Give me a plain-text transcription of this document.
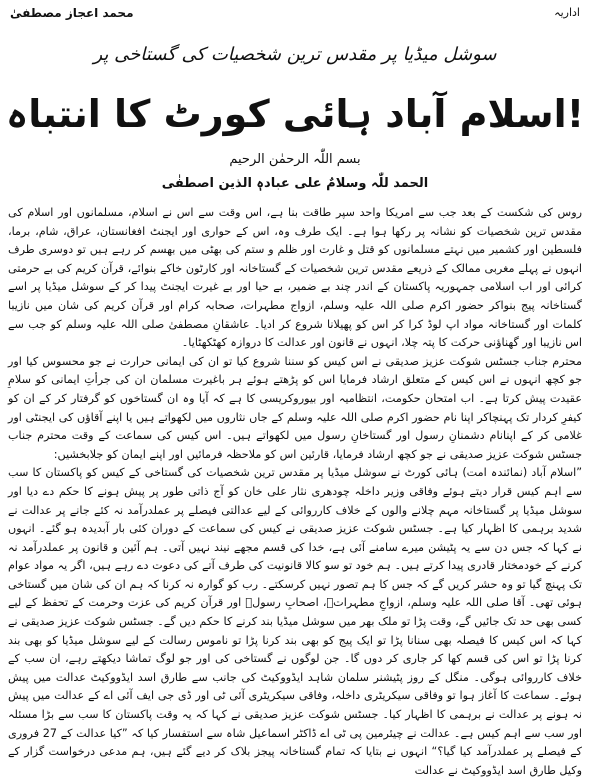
محمد اعجاز مصطفیٰ	اداریہ
سوشل میڈیا پر مقدس ترین شخصیات کی گستاخی پر
اسلام آباد ہائی کورٹ کا انتباہ!
بسم اللّٰہ الرحمٰن الرحیم
الحمد للّٰہ وسلامٌ علی عبادہٖ الذین اصطفٰی

روس کی شکست کے بعد جب سے امریکا واحد سپر طاقت بنا ہے، اس وقت سے اس نے اسلام، مسلمانوں اور اسلام کی مقدس ترین شخصیات کو نشانہ پر رکھا ہوا ہے۔ ایک طرف وہ، اس کے حواری اور ایجنٹ افغانستان، عراق، شام، برما، فلسطین اور کشمیر میں نہتے مسلمانوں کو قتل و غارت اور ظلم و ستم کی بھٹی میں بھسم کر رہے ہیں تو دوسری طرف انہوں نے پہلے مغربی ممالک کے ذریعے مقدس ترین شخصیات کے گستاخانہ اور کارٹون خاکے بنوائے، قرآن کریم کی بے حرمتی کرائی اور اب اسلامی جمہوریہ پاکستان کے اندر چند بے ضمیر، بے حیا اور بے غیرت ایجنٹ پیدا کر کے سوشل میڈیا پر اسے گستاخانہ پیج بنواکر حضور اکرم صلی اللہ علیہ وسلم، ازواج مطہرات، صحابہ کرام اور قرآن کریم کی شان میں نازیبا کلمات اور گستاخانہ مواد اپ لوڈ کرا کر اس کو پھیلانا شروع کر ادیا۔ عاشقانِ مصطفیٰ صلی اللہ علیہ وسلم کو جب سے اس نازیبا اور گھناؤنی حرکت کا پتہ چلا، انہوں نے قانون اور عدالت کا دروازہ کھٹکھٹایا۔

محترم جناب جسٹس شوکت عزیز صدیقی نے اس کیس کو سننا شروع کیا تو ان کی ایمانی حرارت نے جو محسوس کیا اور جو کچھ انہوں نے اس کیس کے متعلق ارشاد فرمایا اس کو پڑھتے ہوئے ہر باغیرت مسلمان ان کی جرأتِ ایمانی کو سلامِ عقیدت پیش کرتا ہے۔ اب امتحان حکومت، انتظامیہ اور بیوروکریسی کا ہے کہ آیا وہ ان گستاخوں کو گرفتار کر کے ان کو کیفرِ کردار تک پہنچاکر اپنا نام حضور اکرم صلی اللہ علیہ وسلم کے جاں نثاروں میں لکھواتے ہیں یا اپنے آقاؤں کی ایجنٹی اور غلامی کر کے اپنانام دشمنانِ رسول اور گستاخانِ رسول میں لکھواتے ہیں۔ اس کیس کی سماعت کے وقت محترم جناب جسٹس شوکت عزیز صدیقی نے جو کچھ ارشاد فرمایا، قارئین اس کو ملاحظہ فرمائیں اور اپنے ایمان کو جلابخشیں:

”اسلام آباد (نمائندہ امت) ہائی کورٹ نے سوشل میڈیا پر مقدس ترین شخصیات کی گستاخی کے کیس کو پاکستان کا سب سے اہم کیس قرار دیتے ہوئے وفاقی وزیر داخلہ چودھری نثار علی خان کو آج ذاتی طور پر پیش ہونے کا حکم دے دیا اور سوشل میڈیا پر گستاخانہ مہم چلانے والوں کے خلاف کارروائی کے لیے عدالتی فیصلے پر عملدرآمد نہ کئے جانے پر عدالت نے شدید برہمی کا اظہار کیا ہے۔ جسٹس شوکت عزیز صدیقی نے کیس کی سماعت کے دوران کئی بار آبدیدہ ہو گئے۔ انہوں نے کہا کہ جس دن سے یہ پٹیشن میرے سامنے آئی ہے، خدا کی قسم مجھے نیند نہیں آتی۔ ہم آئین و قانون پر عملدرآمد نہ کرنے کے خودمختار قادری پیدا کرتے ہیں۔ ہم خود تو سو کالا قانونیت کی طرف آتے کی دعوت دے رہے ہیں، اگر یہ مواد عوام تک پہنچ گیا تو وہ حشر کریں گے کہ جس کا ہم تصور نہیں کرسکتے۔ رب کو گوارہ نہ کرنا کہ ہم ان کی شان میں گستاخی ہوئی تھی۔ آقا صلی اللہ علیہ وسلم، ازواجِ مطہراتؓ، اصحابِ رسولؓ اور قرآن کریم کی عزت وحرمت کے تحفظ کے لیے کسی بھی حد تک جائیں گے، وقت پڑا تو ملک بھر میں سوشل میڈیا بند کرنے کا حکم دیں گے۔ جسٹس شوکت عزیز صدیقی نے کہا کہ اس کیس کا فیصلہ بھی سنانا پڑا تو ایک پیج کو بھی بند کرنا پڑا تو ناموس رسالت کے لیے سوشل میڈیا کو بھی بند کرنا پڑا تو اس کی قسم کھا کر جاری کر دوں گا۔ جن لوگوں نے گستاخی کی اور جو لوگ تماشا دیکھتے رہے، ان سب کے خلاف کارروائی ہوگی۔ منگل کے روز پٹیشنر سلمان شاہد ایڈووکیٹ کی جانب سے طارق اسد ایڈووکیٹ عدالت میں پیش ہوئے۔ سماعت کا آغاز ہوا تو وفاقی سیکریٹری داخلہ، وفاقی سیکریٹری آئی ٹی اور ڈی جی ایف آئی اے کے عدالت میں پیش نہ ہونے پر عدالت نے برہمی کا اظہار کیا۔ جسٹس شوکت عزیز صدیقی نے کہا کہ یہ وقت پاکستان کا سب سے بڑا مسئلہ اور سب سے اہم کیس ہے۔ عدالت نے چیئرمین پی ٹی اے ڈاکٹر اسماعیل شاہ سے استفسار کیا کہ ”کیا عدالت کے 27 فروری کے فیصلے پر عملدرآمد کیا گیا؟“ انہوں نے بتایا کہ تمام گستاخانہ پیجز بلاک کر دیے گئے ہیں، ہم مدعی درخواست گزار کے وکیل طارق اسد ایڈووکیٹ نے عدالت
